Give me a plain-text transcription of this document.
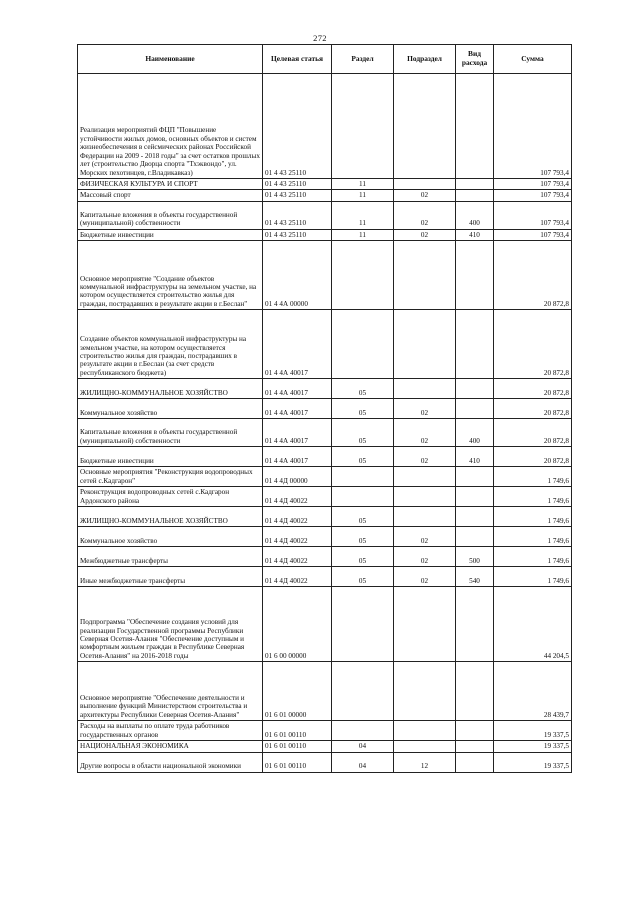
272
Наименование	Целевая статья	Раздел	Подраздел	Вид расхода	Сумма
Реализация мероприятий ФЦП "Повышение устойчивости жилых домов, основных объектов и систем жизнеобеспечения в сейсмических районах Российской Федерации на 2009 - 2018 годы" за счет остатков прошлых лет (строительство Дворца спорта "Тхэквондо", ул. Морских пехотинцев, г.Владикавказ)	01 4 43 25110				107 793,4
ФИЗИЧЕСКАЯ КУЛЬТУРА И СПОРТ	01 4 43 25110	11			107 793,4
Массовый спорт	01 4 43 25110	11	02		107 793,4
Капитальные вложения в объекты государственной (муниципальной) собственности	01 4 43 25110	11	02	400	107 793,4
Бюджетные инвестиции	01 4 43 25110	11	02	410	107 793,4
Основное мероприятие "Создание объектов коммунальной инфраструктуры на земельном участке, на котором осуществляется строительство жилья для граждан, пострадавших в результате акции в г.Беслан"	01 4 4А 00000				20 872,8
Создание объектов коммунальной инфраструктуры на земельном участке, на котором осуществляется строительство жилья для граждан, пострадавших в результате акции в г.Беслан (за счет средств республиканского бюджета)	01 4 4А 40017				20 872,8
ЖИЛИЩНО-КОММУНАЛЬНОЕ ХОЗЯЙСТВО	01 4 4А 40017	05			20 872,8
Коммунальное хозяйство	01 4 4А 40017	05	02		20 872,8
Капитальные вложения в объекты государственной (муниципальной) собственности	01 4 4А 40017	05	02	400	20 872,8
Бюджетные инвестиции	01 4 4А 40017	05	02	410	20 872,8
Основные мероприятия "Реконструкция водопроводных сетей с.Кадгарон"	01 4 4Д 00000				1 749,6
Реконструкция водопроводных сетей с.Кадгарон Ардонского района	01 4 4Д 40022				1 749,6
ЖИЛИЩНО-КОММУНАЛЬНОЕ ХОЗЯЙСТВО	01 4 4Д 40022	05			1 749,6
Коммунальное хозяйство	01 4 4Д 40022	05	02		1 749,6
Межбюджетные трансферты	01 4 4Д 40022	05	02	500	1 749,6
Иные межбюджетные трансферты	01 4 4Д 40022	05	02	540	1 749,6
Подпрограмма "Обеспечение создания условий для реализации Государственной программы Республики Северная Осетия-Алания "Обеспечение доступным и комфортным жильем граждан в Республике Северная Осетия-Алания" на 2016-2018 годы	01 6 00 00000				44 204,5
Основное мероприятие "Обеспечение деятельности и выполнение функций Министерством строительства и архитектуры Республики Северная Осетия-Алания"	01 6 01 00000				28 439,7
Расходы на выплаты по оплате труда работников государственных органов	01 6 01 00110				19 337,5
НАЦИОНАЛЬНАЯ ЭКОНОМИКА	01 6 01 00110	04			19 337,5
Другие вопросы в области национальной экономики	01 6 01 00110	04	12		19 337,5
